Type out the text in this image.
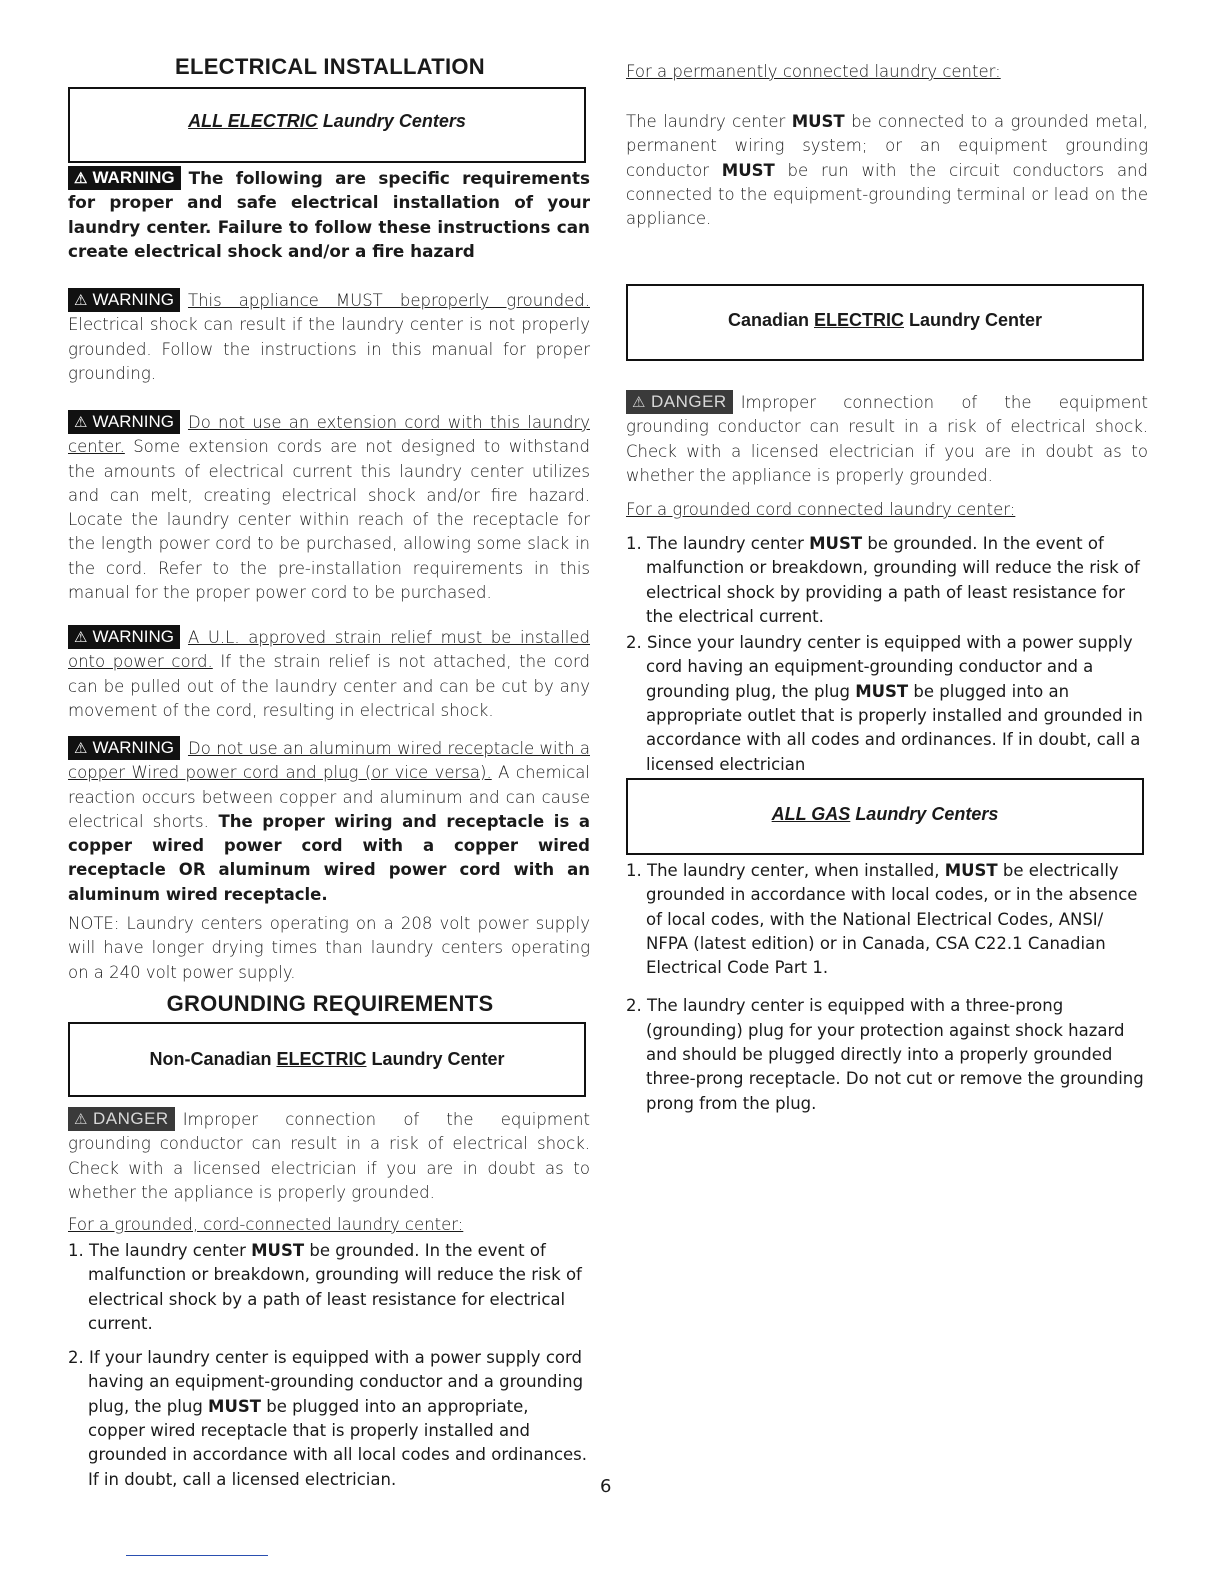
ELECTRICAL INSTALLATION
ALL ELECTRIC Laundry Centers
⚠ WARNING The following are specific requirements for proper and safe electrical installation of your laundry center. Failure to follow these instructions can create electrical shock and/or a fire hazard
⚠ WARNING This appliance MUST beproperly grounded. Electrical shock can result if the laundry center is not properly grounded. Follow the instructions in this manual for proper grounding.
⚠ WARNING Do not use an extension cord with this laundry center. Some extension cords are not designed to withstand the amounts of electrical current this laundry center utilizes and can melt, creating electrical shock and/or fire hazard. Locate the laundry center within reach of the receptacle for the length power cord to be purchased, allowing some slack in the cord. Refer to the pre-installation requirements in this manual for the proper power cord to be purchased.
⚠ WARNING A U.L. approved strain relief must be installed onto power cord. If the strain relief is not attached, the cord can be pulled out of the laundry center and can be cut by any movement of the cord, resulting in electrical shock.
⚠ WARNING Do not use an aluminum wired receptacle with a copper Wired power cord and plug (or vice versa). A chemical reaction occurs between copper and aluminum and can cause electrical shorts. The proper wiring and receptacle is a copper wired power cord with a copper wired receptacle OR aluminum wired power cord with an aluminum wired receptacle.
NOTE: Laundry centers operating on a 208 volt power supply will have longer drying times than laundry centers operating on a 240 volt power supply.
GROUNDING REQUIREMENTS
Non-Canadian ELECTRIC Laundry Center
⚠ DANGER Improper connection of the equipment grounding conductor can result in a risk of electrical shock. Check with a licensed electrician if you are in doubt as to whether the appliance is properly grounded.
For a grounded, cord-connected laundry center:

1. The laundry center MUST be grounded. In the event of malfunction or breakdown, grounding will reduce the risk of electrical shock by a path of least resistance for electrical current.

2. If your laundry center is equipped with a power supply cord having an equipment-grounding conductor and a grounding plug, the plug MUST be plugged into an appropriate, copper wired receptacle that is properly installed and grounded in accordance with all local codes and ordinances. If in doubt, call a licensed electrician.

For a permanently connected laundry center:
The laundry center MUST be connected to a grounded metal, permanent wiring system; or an equipment grounding conductor MUST be run with the circuit conductors and connected to the equipment-grounding terminal or lead on the appliance.
Canadian ELECTRIC Laundry Center
⚠ DANGER Improper connection of the equipment grounding conductor can result in a risk of electrical shock. Check with a licensed electrician if you are in doubt as to whether the appliance is properly grounded.
For a grounded cord connected laundry center:

1. The laundry center MUST be grounded. In the event of malfunction or breakdown, grounding will reduce the risk of electrical shock by providing a path of least resistance for the electrical current.

2. Since your laundry center is equipped with a power supply cord having an equipment-grounding conductor and a grounding plug, the plug MUST be plugged into an appropriate outlet that is properly installed and grounded in accordance with all codes and ordinances. If in doubt, call a licensed electrician

ALL GAS Laundry Centers

1. The laundry center, when installed, MUST be electrically grounded in accordance with local codes, or in the absence of local codes, with the National Electrical Codes, ANSI/ NFPA (latest edition) or in Canada, CSA C22.1 Canadian Electrical Code Part 1.

2. The laundry center is equipped with a three-prong (grounding) plug for your protection against shock hazard and should be plugged directly into a properly grounded three-prong receptacle. Do not cut or remove the grounding prong from the plug.

6
